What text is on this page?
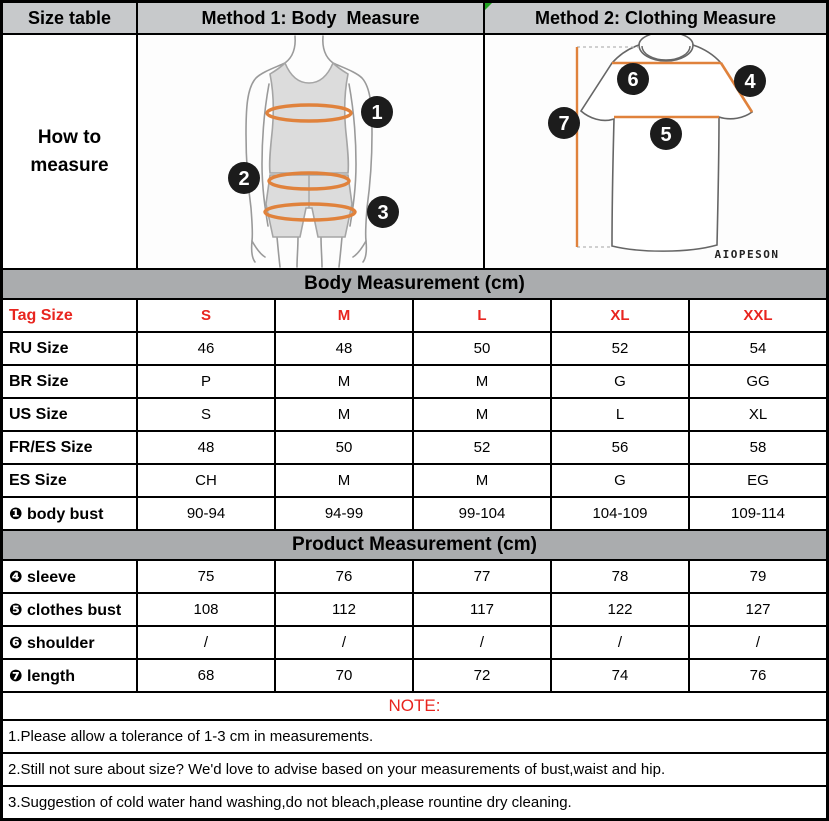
Size table	Method 1: Body  Measure	Method 2: Clothing Measure
How to measure
1
2
3
6	4
7	5
AIOPESON
Body Measurement (cm)
Tag Size	S	M	L	XL	XXL
RU Size	46	48	50	52	54
BR Size	P	M	M	G	GG
US Size	S	M	M	L	XL
FR/ES Size	48	50	52	56	58
ES Size	CH	M	M	G	EG
❶ body bust	90-94	94-99	99-104	104-109	109-114
Product Measurement (cm)
❹ sleeve	75	76	77	78	79
❺ clothes bust	108	112	117	122	127
❻ shoulder	/	/	/	/	/
❼ length	68	70	72	74	76
NOTE:
1.Please allow a tolerance of 1-3 cm in measurements.
2.Still not sure about size? We'd love to advise based on your measurements of bust,waist and hip.
3.Suggestion of cold water hand washing,do not bleach,please rountine dry cleaning.
